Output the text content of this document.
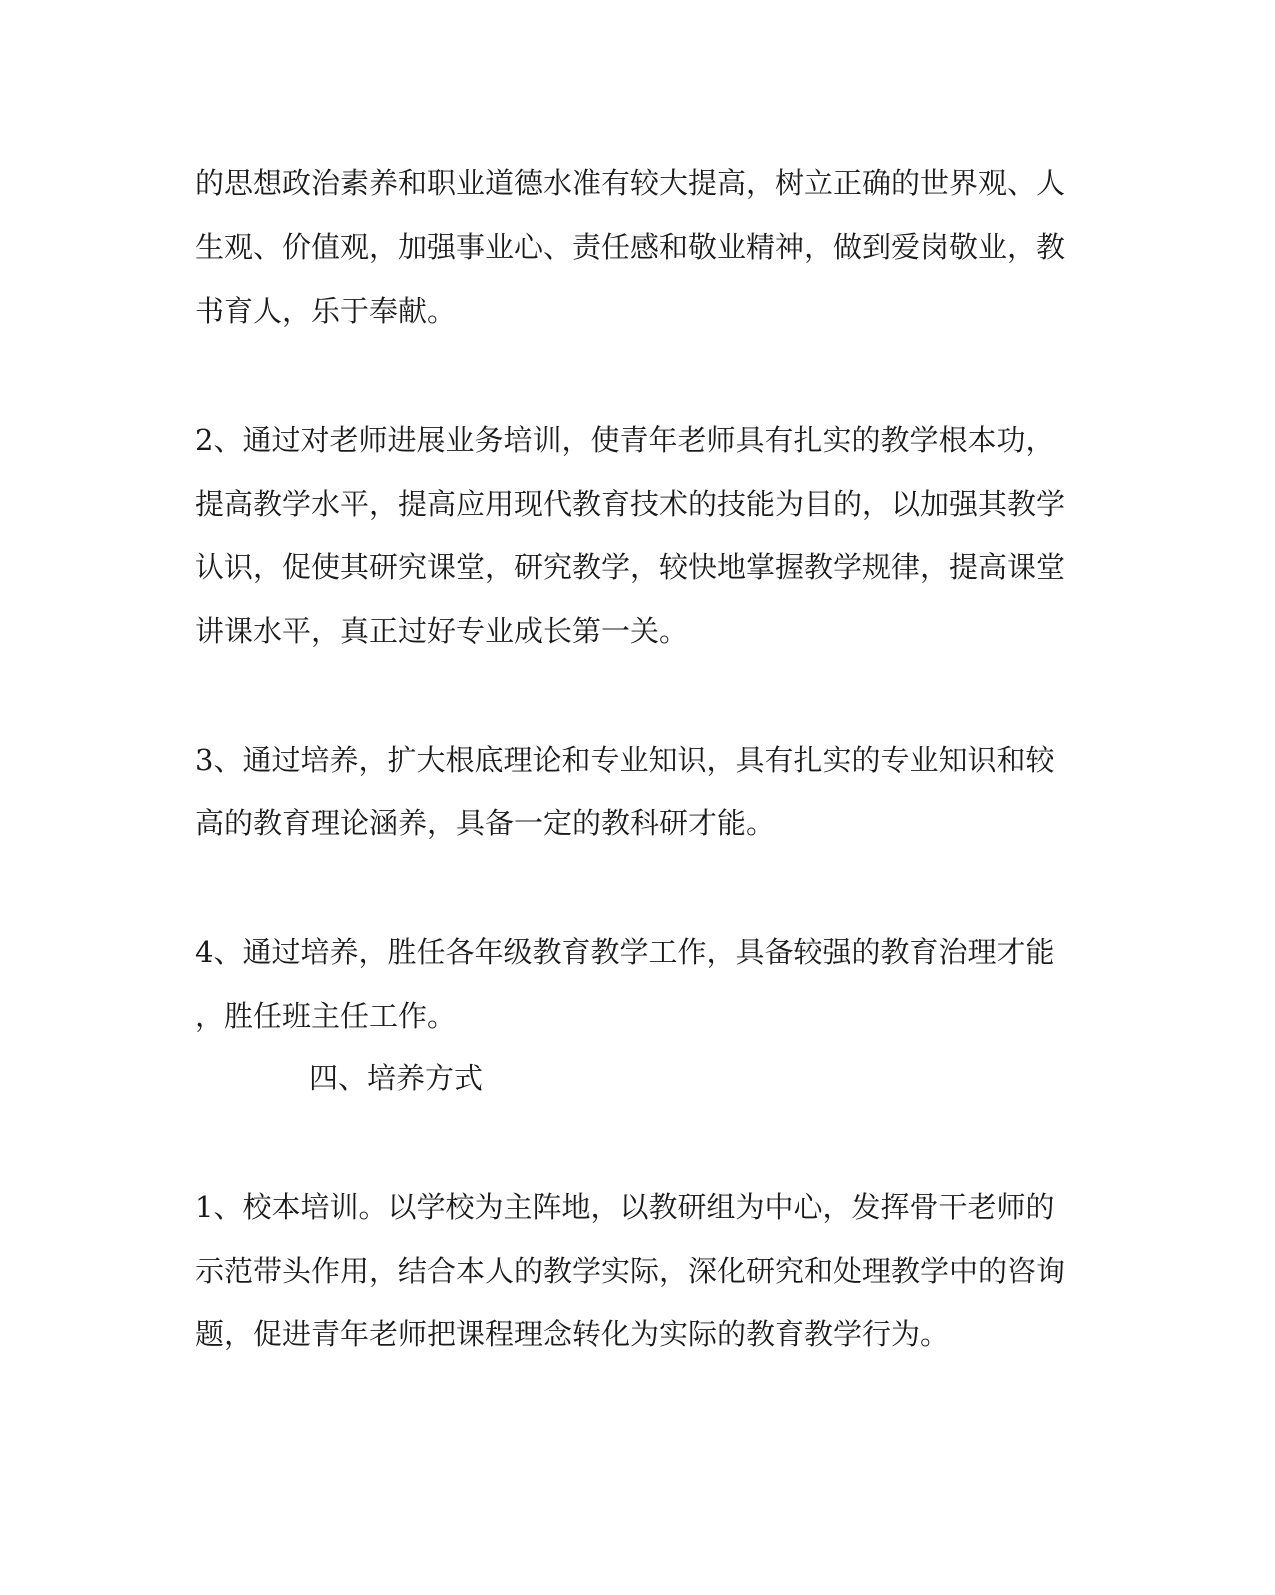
的思想政治素养和职业道德水准有较大提高，树立正确的世界观、人

生观、价值观，加强事业心、责任感和敬业精神，做到爱岗敬业，教

书育人，乐于奉献。

2、通过对老师进展业务培训，使青年老师具有扎实的教学根本功，

提高教学水平，提高应用现代教育技术的技能为目的，以加强其教学

认识，促使其研究课堂，研究教学，较快地掌握教学规律，提高课堂

讲课水平，真正过好专业成长第一关。

3、通过培养，扩大根底理论和专业知识，具有扎实的专业知识和较

高的教育理论涵养，具备一定的教科研才能。

4、通过培养，胜任各年级教育教学工作，具备较强的教育治理才能

，胜任班主任工作。

四、培养方式

1、校本培训。以学校为主阵地，以教研组为中心，发挥骨干老师的

示范带头作用，结合本人的教学实际，深化研究和处理教学中的咨询

题，促进青年老师把课程理念转化为实际的教育教学行为。
